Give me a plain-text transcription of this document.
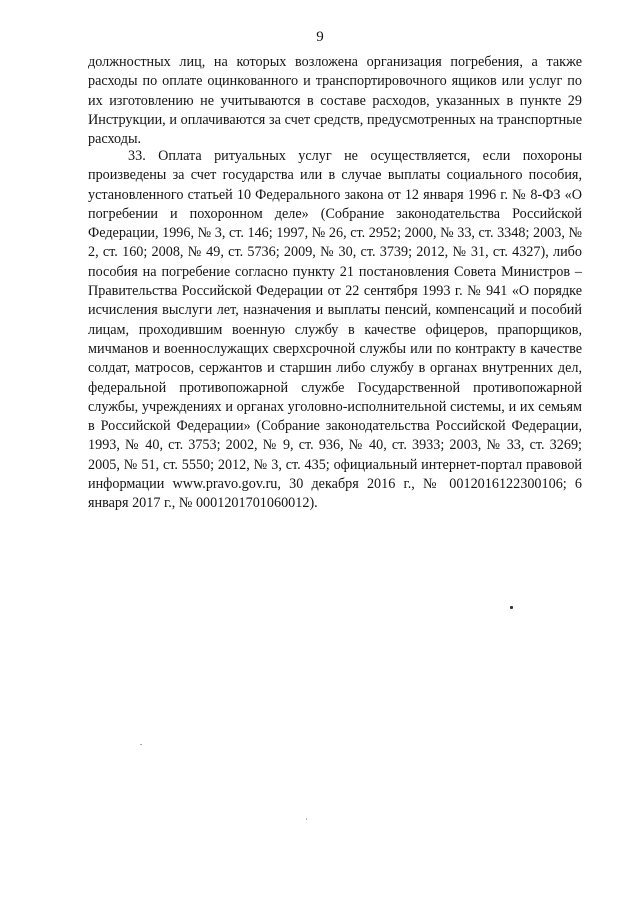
9

должностных лиц, на которых возложена организация погребения, а также расходы по оплате оцинкованного и транспортировочного ящиков или услуг по их изготовлению не учитываются в составе расходов, указанных в пункте 29 Инструкции, и оплачиваются за счет средств, предусмотренных на транспортные расходы.

33. Оплата ритуальных услуг не осуществляется, если похороны произведены за счет государства или в случае выплаты социального пособия, установленного статьей 10 Федерального закона от 12 января 1996 г. № 8-ФЗ «О погребении и похоронном деле» (Собрание законодательства Российской Федерации, 1996, № 3, ст. 146; 1997, № 26, ст. 2952; 2000, № 33, ст. 3348; 2003, № 2, ст. 160; 2008, № 49, ст. 5736; 2009, № 30, ст. 3739; 2012, № 31, ст. 4327), либо пособия на погребение согласно пункту 21 постановления Совета Министров – Правительства Российской Федерации от 22 сентября 1993 г. № 941 «О порядке исчисления выслуги лет, назначения и выплаты пенсий, компенсаций и пособий лицам, проходившим военную службу в качестве офицеров, прапорщиков, мичманов и военнослужащих сверхсрочной службы или по контракту в качестве солдат, матросов, сержантов и старшин либо службу в органах внутренних дел, федеральной противопожарной службе Государственной противопожарной службы, учреждениях и органах уголовно-исполнительной системы, и их семьям в Российской Федерации» (Собрание законодательства Российской Федерации, 1993, № 40, ст. 3753; 2002, № 9, ст. 936, № 40, ст. 3933; 2003, № 33, ст. 3269; 2005, № 51, ст. 5550; 2012, № 3, ст. 435; официальный интернет-портал правовой информации www.pravo.gov.ru, 30 декабря 2016 г., № 0012016122300106; 6 января 2017 г., № 0001201701060012).
